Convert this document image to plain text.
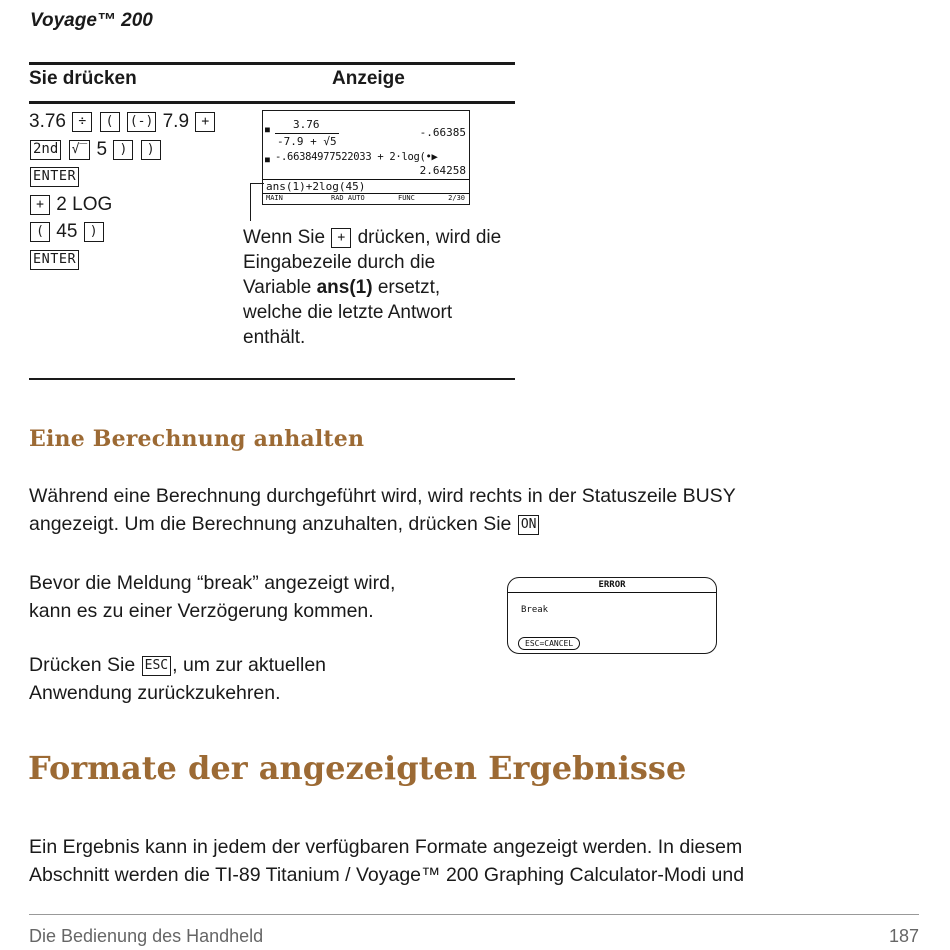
Voyage™ 200
Sie drücken	Anzeige
3.76 ÷ ( (-) 7.9 +
2nd √‾ 5 ) )
ENTER
+ 2 LOG
( 45 )
ENTER
■ 3.76
-7.9 + √5
-.66385
■ -.66384977522033 + 2·log(•▶
2.64258
ans(1)+2log(45)
MAIN	RAD AUTO	FUNC	2/30
Wenn Sie + drücken, wird die Eingabezeile durch die Variable ans(1) ersetzt, welche die letzte Antwort enthält.
Eine Berechnung anhalten
Während eine Berechnung durchgeführt wird, wird rechts in der Statuszeile BUSY
angezeigt. Um die Berechnung anzuhalten, drücken Sie ON
Bevor die Meldung “break” angezeigt wird,
kann es zu einer Verzögerung kommen.
Drücken Sie ESC , um zur aktuellen
Anwendung zurückzukehren.
ERROR
Break
ESC=CANCEL
Formate der angezeigten Ergebnisse
Ein Ergebnis kann in jedem der verfügbaren Formate angezeigt werden. In diesem
Abschnitt werden die TI-89 Titanium / Voyage™ 200 Graphing Calculator-Modi und
Die Bedienung des Handheld	187
